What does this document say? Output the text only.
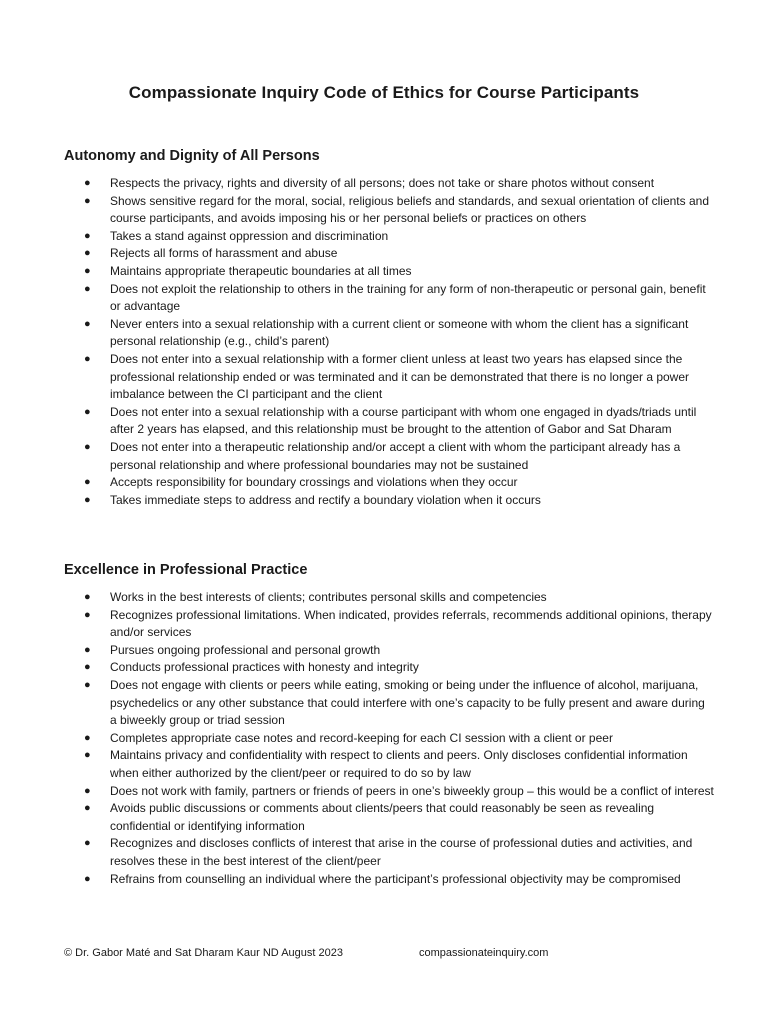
Compassionate Inquiry Code of Ethics for Course Participants
Autonomy and Dignity of All Persons
● Respects the privacy, rights and diversity of all persons; does not take or share photos without consent
● Shows sensitive regard for the moral, social, religious beliefs and standards, and sexual orientation of clients and course participants, and avoids imposing his or her personal beliefs or practices on others
● Takes a stand against oppression and discrimination
● Rejects all forms of harassment and abuse
● Maintains appropriate therapeutic boundaries at all times
● Does not exploit the relationship to others in the training for any form of non-therapeutic or personal gain, benefit or advantage
● Never enters into a sexual relationship with a current client or someone with whom the client has a significant personal relationship (e.g., child’s parent)
● Does not enter into a sexual relationship with a former client unless at least two years has elapsed since the professional relationship ended or was terminated and it can be demonstrated that there is no longer a power imbalance between the CI participant and the client
● Does not enter into a sexual relationship with a course participant with whom one engaged in dyads/triads until after 2 years has elapsed, and this relationship must be brought to the attention of Gabor and Sat Dharam
● Does not enter into a therapeutic relationship and/or accept a client with whom the participant already has a personal relationship and where professional boundaries may not be sustained
● Accepts responsibility for boundary crossings and violations when they occur
● Takes immediate steps to address and rectify a boundary violation when it occurs
Excellence in Professional Practice
● Works in the best interests of clients; contributes personal skills and competencies
● Recognizes professional limitations. When indicated, provides referrals, recommends additional opinions, therapy and/or services
● Pursues ongoing professional and personal growth
● Conducts professional practices with honesty and integrity
● Does not engage with clients or peers while eating, smoking or being under the influence of alcohol, marijuana, psychedelics or any other substance that could interfere with one’s capacity to be fully present and aware during a biweekly group or triad session
● Completes appropriate case notes and record-keeping for each CI session with a client or peer
● Maintains privacy and confidentiality with respect to clients and peers. Only discloses confidential information when either authorized by the client/peer or required to do so by law
● Does not work with family, partners or friends of peers in one’s biweekly group – this would be a conflict of interest
● Avoids public discussions or comments about clients/peers that could reasonably be seen as revealing confidential or identifying information
● Recognizes and discloses conflicts of interest that arise in the course of professional duties and activities, and resolves these in the best interest of the client/peer
● Refrains from counselling an individual where the participant’s professional objectivity may be compromised

© Dr. Gabor Maté and Sat Dharam Kaur ND August 2023	compassionateinquiry.com
